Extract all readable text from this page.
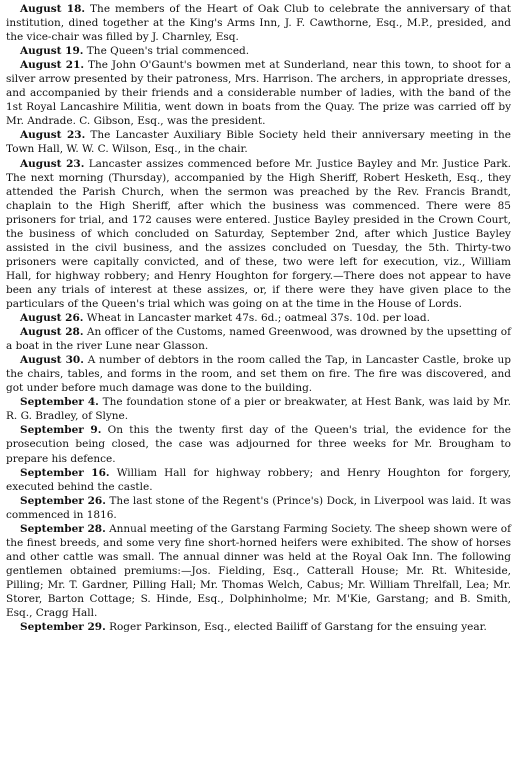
August 18. The members of the Heart of Oak Club to celebrate the anniversary of that institution, dined together at the King's Arms Inn, J. F. Cawthorne, Esq., M.P., presided, and the vice-chair was filled by J. Charnley, Esq.

August 19. The Queen's trial commenced.

August 21. The John O'Gaunt's bowmen met at Sunderland, near this town, to shoot for a silver arrow presented by their patroness, Mrs. Harrison. The archers, in appropriate dresses, and accompanied by their friends and a considerable number of ladies, with the band of the 1st Royal Lancashire Militia, went down in boats from the Quay. The prize was carried off by Mr. Andrade. C. Gibson, Esq., was the president.

August 23. The Lancaster Auxiliary Bible Society held their anniversary meeting in the Town Hall, W. W. C. Wilson, Esq., in the chair.

August 23. Lancaster assizes commenced before Mr. Justice Bayley and Mr. Justice Park. The next morning (Thursday), accompanied by the High Sheriff, Robert Hesketh, Esq., they attended the Parish Church, when the sermon was preached by the Rev. Francis Brandt, chaplain to the High Sheriff, after which the business was commenced. There were 85 prisoners for trial, and 172 causes were entered. Justice Bayley presided in the Crown Court, the business of which concluded on Saturday, September 2nd, after which Justice Bayley assisted in the civil business, and the assizes concluded on Tuesday, the 5th. Thirty-two prisoners were capitally convicted, and of these, two were left for execution, viz., William Hall, for highway robbery; and Henry Houghton for forgery.—There does not appear to have been any trials of interest at these assizes, or, if there were they have given place to the particulars of the Queen's trial which was going on at the time in the House of Lords.

August 26. Wheat in Lancaster market 47s. 6d.; oatmeal 37s. 10d. per load.

August 28. An officer of the Customs, named Greenwood, was drowned by the upsetting of a boat in the river Lune near Glasson.

August 30. A number of debtors in the room called the Tap, in Lancaster Castle, broke up the chairs, tables, and forms in the room, and set them on fire. The fire was discovered, and got under before much damage was done to the building.

September 4. The foundation stone of a pier or breakwater, at Hest Bank, was laid by Mr. R. G. Bradley, of Slyne.

September 9. On this the twenty first day of the Queen's trial, the evidence for the prosecution being closed, the case was adjourned for three weeks for Mr. Brougham to prepare his defence.

September 16. William Hall for highway robbery; and Henry Houghton for forgery, executed behind the castle.

September 26. The last stone of the Regent's (Prince's) Dock, in Liverpool was laid. It was commenced in 1816.

September 28. Annual meeting of the Garstang Farming Society. The sheep shown were of the finest breeds, and some very fine short-horned heifers were exhibited. The show of horses and other cattle was small. The annual dinner was held at the Royal Oak Inn. The following gentlemen obtained premiums:—Jos. Fielding, Esq., Catterall House; Mr. Rt. Whiteside, Pilling; Mr. T. Gardner, Pilling Hall; Mr. Thomas Welch, Cabus; Mr. William Threlfall, Lea; Mr. Storer, Barton Cottage; S. Hinde, Esq., Dolphinholme; Mr. M'Kie, Garstang; and B. Smith, Esq., Cragg Hall.

September 29. Roger Parkinson, Esq., elected Bailiff of Garstang for the ensuing year.
